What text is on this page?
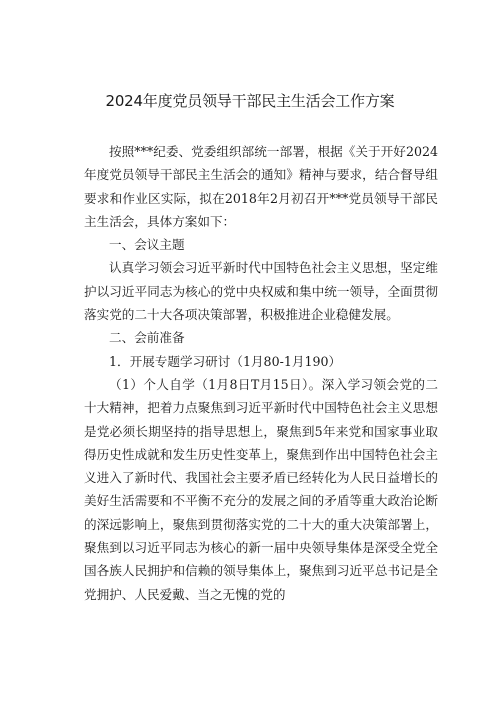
2024年度党员领导干部民主生活会工作方案

按照***纪委、党委组织部统一部署，根据《关于开好2024年度党员领导干部民主生活会的通知》精神与要求，结合督导组要求和作业区实际，拟在2018年2月初召开***党员领导干部民主生活会，具体方案如下：

一、会议主题

认真学习领会习近平新时代中国特色社会主义思想，坚定维护以习近平同志为核心的党中央权威和集中统一领导，全面贯彻落实党的二十大各项决策部署，积极推进企业稳健发展。

二、会前准备

1．开展专题学习研讨（1月80-1月190）

（1）个人自学（1月8日T月15日）。深入学习领会党的二十大精神，把着力点聚焦到习近平新时代中国特色社会主义思想是党必须长期坚持的指导思想上，聚焦到5年来党和国家事业取得历史性成就和发生历史性变革上，聚焦到作出中国特色社会主义进入了新时代、我国社会主要矛盾已经转化为人民日益增长的美好生活需要和不平衡不充分的发展之间的矛盾等重大政治论断的深远影响上，聚焦到贯彻落实党的二十大的重大决策部署上，聚焦到以习近平同志为核心的新一届中央领导集体是深受全党全国各族人民拥护和信赖的领导集体上，聚焦到习近平总书记是全党拥护、人民爱戴、当之无愧的党的
